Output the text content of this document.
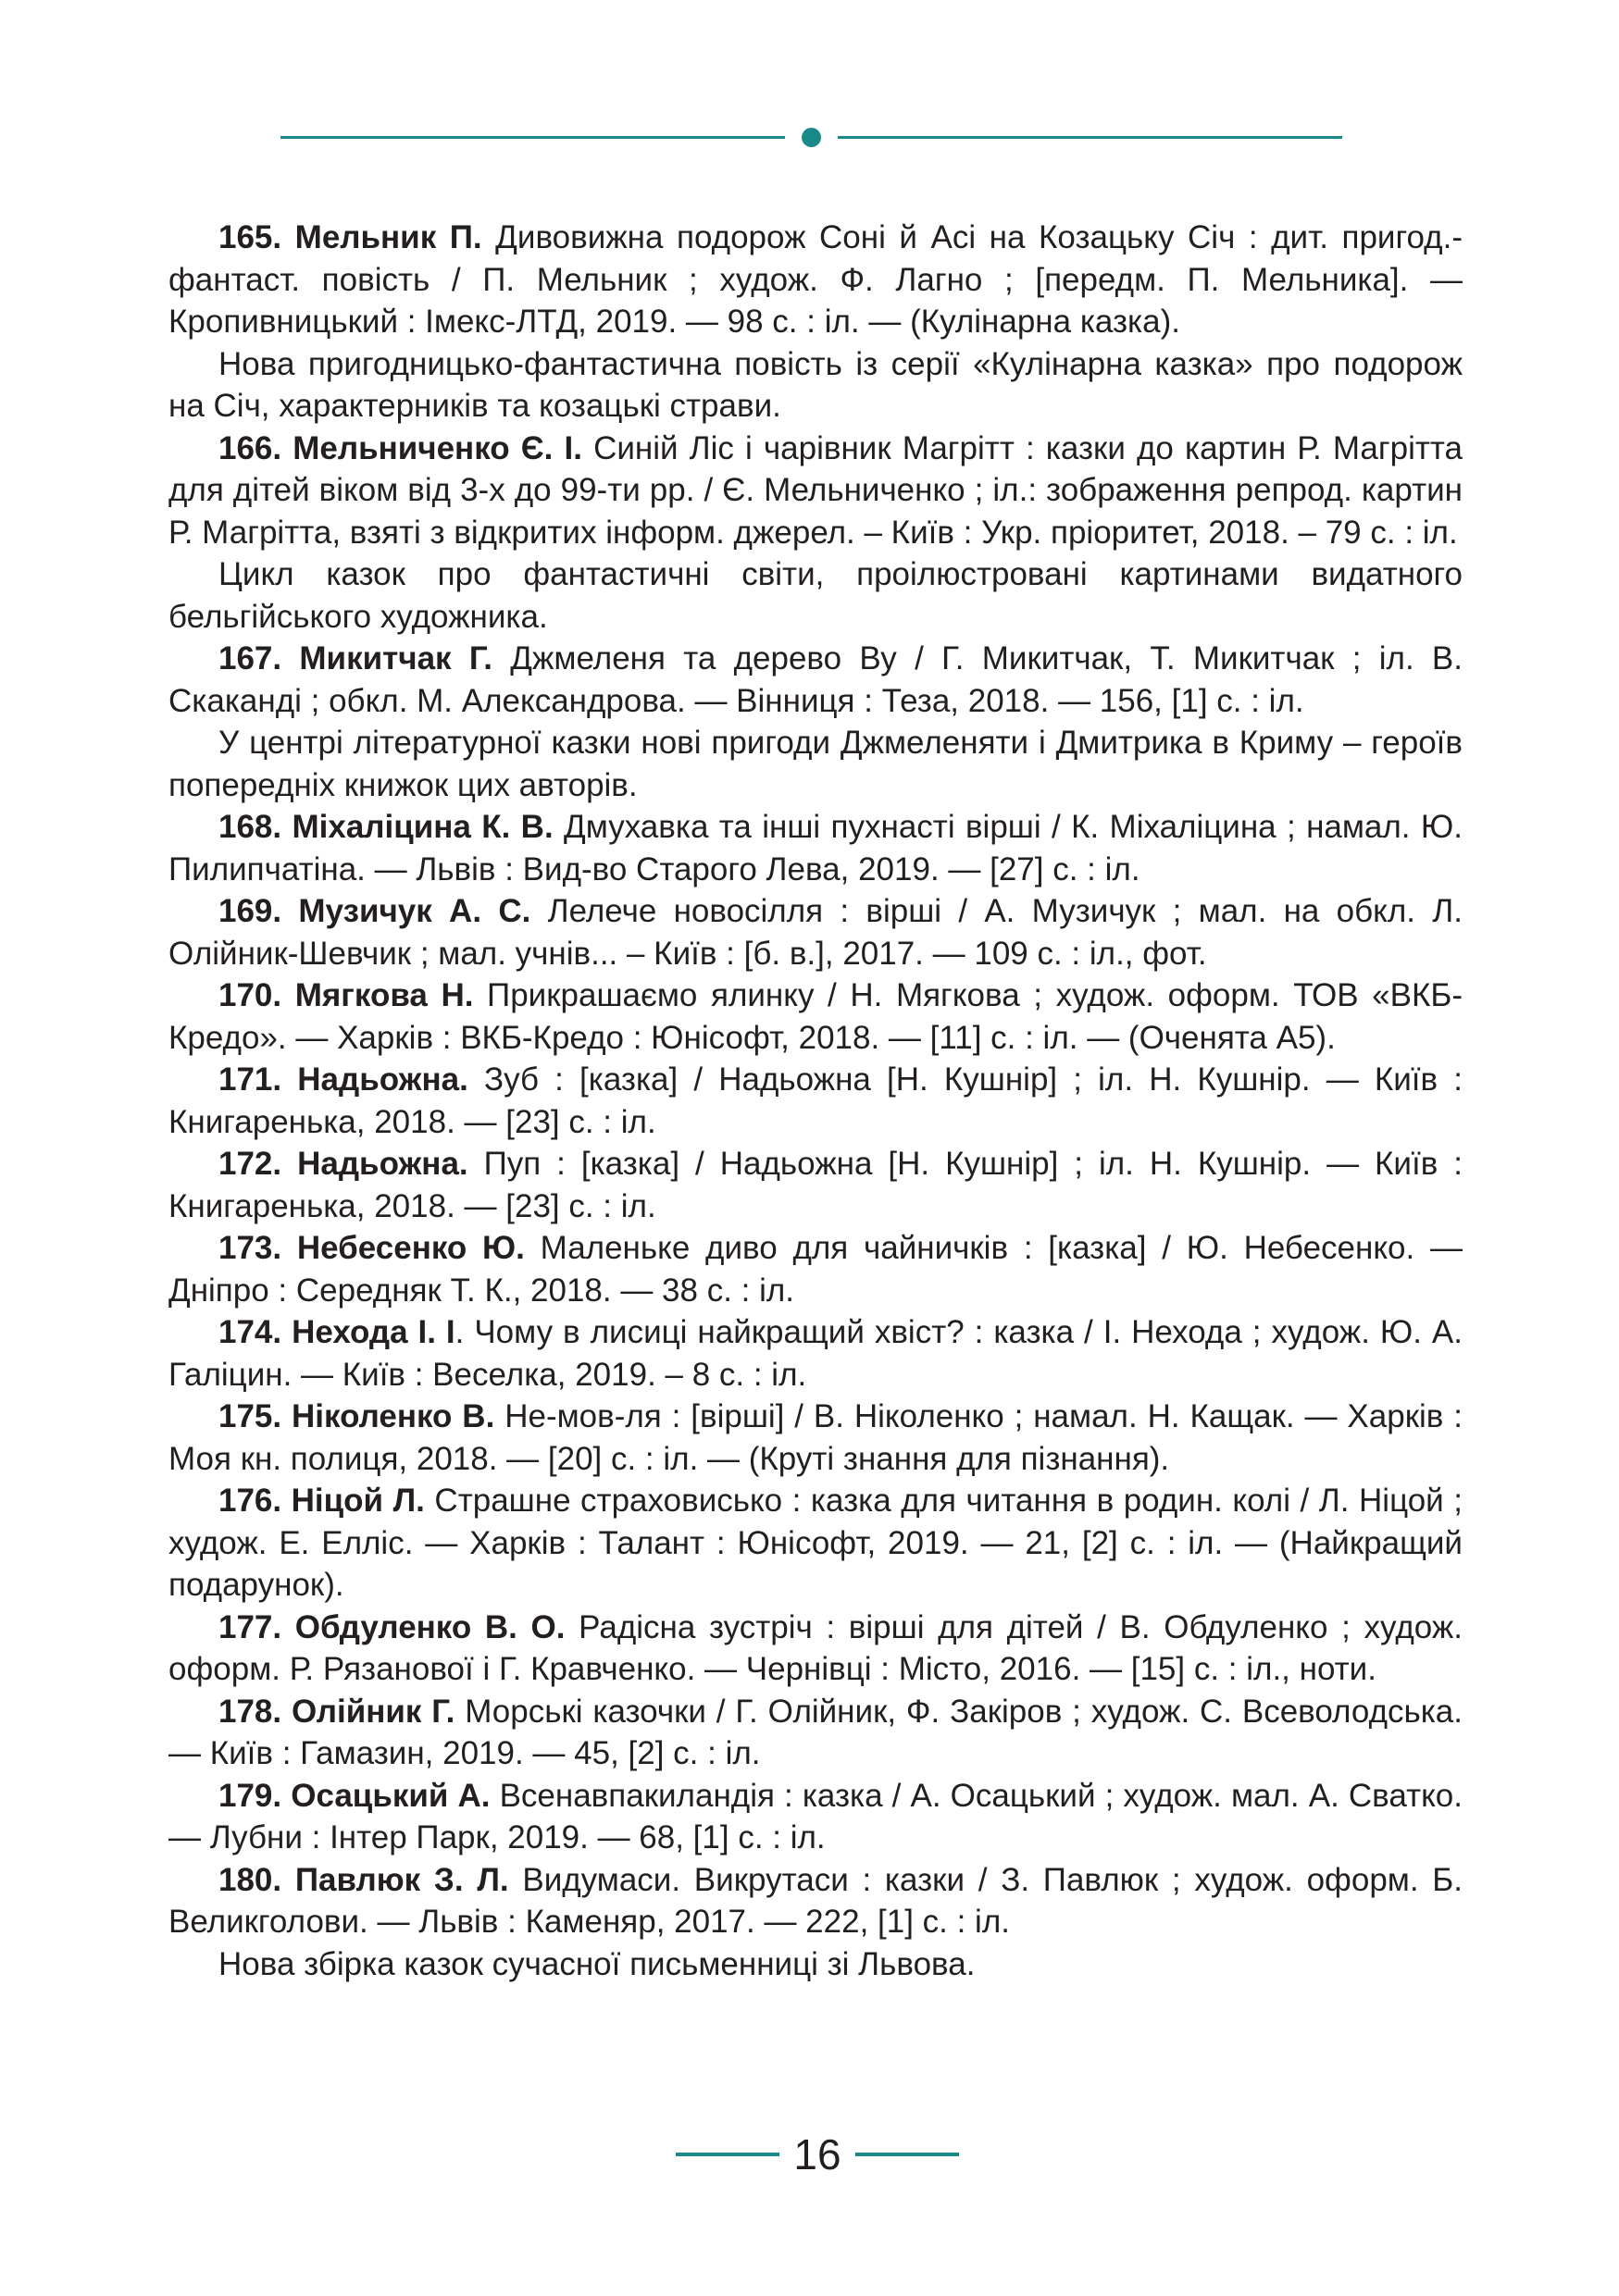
165. Мельник П. Дивовижна подорож Соні й Асі на Козацьку Січ : дит. пригод.-фантаст. повість / П. Мельник ; худож. Ф. Лагно ; [передм. П. Мельника]. — Кропивницький : Імекс-ЛТД, 2019. — 98 с. : іл. — (Кулінарна казка).

Нова пригодницько-фантастична повість із серії «Кулінарна казка» про подорож на Січ, характерників та козацькі страви.

166. Мельниченко Є. І. Синій Ліс і чарівник Магрітт : казки до картин Р. Магрітта для дітей віком від 3-х до 99-ти рр. / Є. Мельниченко ; іл.: зображення репрод. картин Р. Магрітта, взяті з відкритих інформ. джерел. – Київ : Укр. пріоритет, 2018. – 79 с. : іл.

Цикл казок про фантастичні світи, проілюстровані картинами видатного бельгійського художника.

167. Микитчак Г. Джмеленя та дерево Ву / Г. Микитчак, Т. Микитчак ; іл. В. Скаканді ; обкл. М. Александрова. — Вінниця : Теза, 2018. — 156, [1] с. : іл.

У центрі літературної казки нові пригоди Джмеленяти і Дмитрика в Криму – героїв попередніх книжок цих авторів.

168. Міхаліцина К. В. Дмухавка та інші пухнасті вірші / К. Міхаліцина ; намал. Ю. Пилипчатіна. — Львів : Вид-во Старого Лева, 2019. — [27] с. : іл.

169. Музичук А. С. Лелече новосілля : вірші / А. Музичук ; мал. на обкл. Л. Олійник-Шевчик ; мал. учнів... – Київ : [б. в.], 2017. — 109 с. : іл., фот.

170. Мягкова Н. Прикрашаємо ялинку / Н. Мягкова ; худож. оформ. ТОВ «ВКБ-Кредо». — Харків : ВКБ-Кредо : Юнісофт, 2018. — [11] с. : іл. — (Оченята А5).

171. Надьожна. Зуб : [казка] / Надьожна [Н. Кушнір] ; іл. Н. Кушнір. — Київ : Книгаренька, 2018. — [23] с. : іл.

172. Надьожна. Пуп : [казка] / Надьожна [Н. Кушнір] ; іл. Н. Кушнір. — Київ : Книгаренька, 2018. — [23] с. : іл.

173. Небесенко Ю. Маленьке диво для чайничків : [казка] / Ю. Небесенко. — Дніпро : Середняк Т. К., 2018. — 38 с. : іл.

174. Нехода І. І. Чому в лисиці найкращий хвіст? : казка / І. Нехода ; худож. Ю. А. Галіцин. — Київ : Веселка, 2019. – 8 с. : іл.

175. Ніколенко В. Не-мов-ля : [вірші] / В. Ніколенко ; намал. Н. Кащак. — Харків : Моя кн. полиця, 2018. — [20] с. : іл. — (Круті знання для пізнання).

176. Ніцой Л. Страшне страховисько : казка для читання в родин. колі / Л. Ніцой ; худож. Е. Елліс. — Харків : Талант : Юнісофт, 2019. — 21, [2] с. : іл. — (Найкращий подарунок).

177. Обдуленко В. О. Радісна зустріч : вірші для дітей / В. Обдуленко ; худож. оформ. Р. Рязанової і Г. Кравченко. — Чернівці : Місто, 2016. — [15] с. : іл., ноти.

178. Олійник Г. Морські казочки / Г. Олійник, Ф. Закіров ; худож. С. Всеволодська. — Київ : Гамазин, 2019. — 45, [2] с. : іл.

179. Осацький А. Всенавпакиландія : казка / А. Осацький ; худож. мал. А. Сватко. — Лубни : Інтер Парк, 2019. — 68, [1] с. : іл.

180. Павлюк З. Л. Видумаси. Викрутаси : казки / З. Павлюк ; худож. оформ. Б. Великголови. — Львів : Каменяр, 2017. — 222, [1] с. : іл.

Нова збірка казок сучасної письменниці зі Львова.

16
